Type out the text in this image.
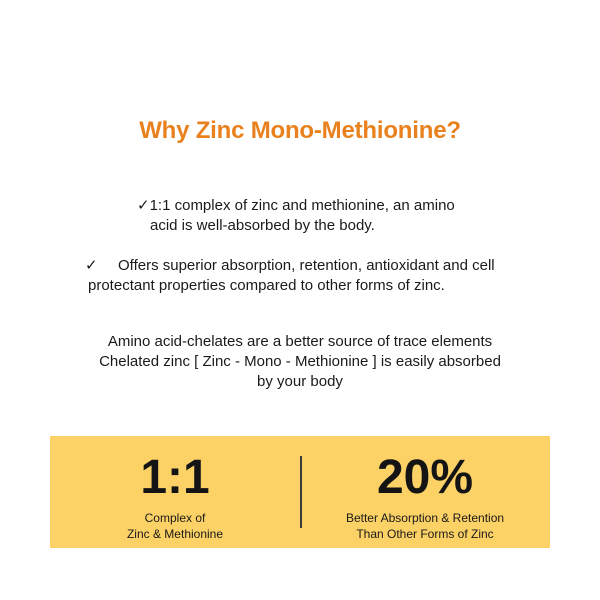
Why Zinc Mono-Methionine?
✓1:1 complex of zinc and methionine, an amino
acid is well-absorbed by the body.
✓ Offers superior absorption, retention, antioxidant and cell
protectant properties compared to other forms of zinc.
Amino acid-chelates are a better source of trace elements
Chelated zinc [ Zinc - Mono - Methionine ] is easily absorbed
by your body
1:1
Complex of
Zinc & Methionine
20%
Better Absorption & Retention
Than Other Forms of Zinc
